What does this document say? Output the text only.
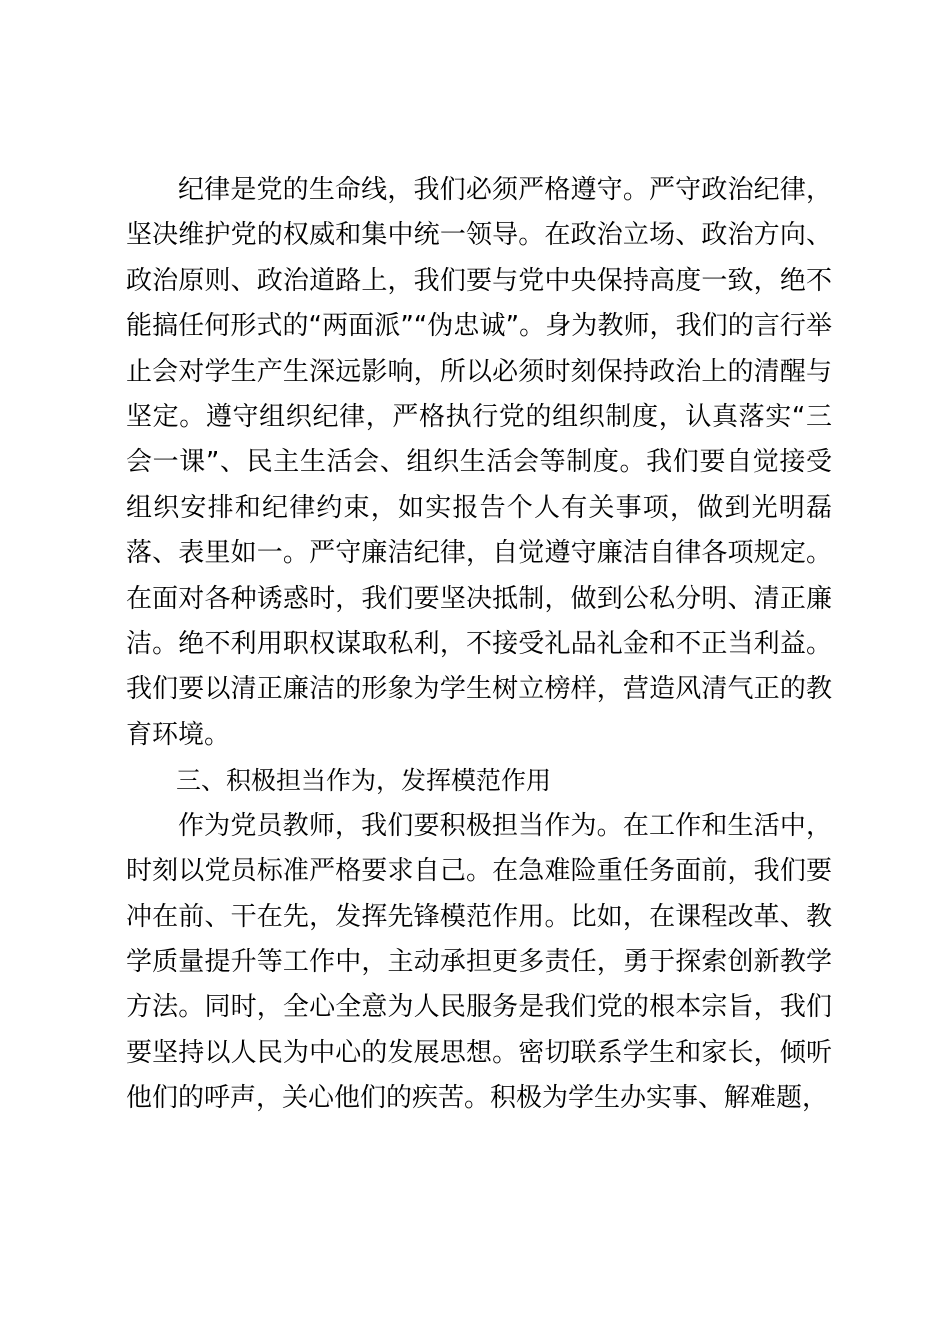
纪律是党的生命线，我们必须严格遵守。严守政治纪律，坚决维护党的权威和集中统一领导。在政治立场、政治方向、政治原则、政治道路上，我们要与党中央保持高度一致，绝不能搞任何形式的“两面派”“伪忠诚”。身为教师，我们的言行举止会对学生产生深远影响，所以必须时刻保持政治上的清醒与坚定。遵守组织纪律，严格执行党的组织制度，认真落实“三会一课”、民主生活会、组织生活会等制度。我们要自觉接受组织安排和纪律约束，如实报告个人有关事项，做到光明磊落、表里如一。严守廉洁纪律，自觉遵守廉洁自律各项规定。在面对各种诱惑时，我们要坚决抵制，做到公私分明、清正廉洁。绝不利用职权谋取私利，不接受礼品礼金和不正当利益。我们要以清正廉洁的形象为学生树立榜样，营造风清气正的教育环境。

三、积极担当作为，发挥模范作用

作为党员教师，我们要积极担当作为。在工作和生活中，时刻以党员标准严格要求自己。在急难险重任务面前，我们要冲在前、干在先，发挥先锋模范作用。比如，在课程改革、教学质量提升等工作中，主动承担更多责任，勇于探索创新教学方法。同时，全心全意为人民服务是我们党的根本宗旨，我们要坚持以人民为中心的发展思想。密切联系学生和家长，倾听他们的呼声，关心他们的疾苦。积极为学生办实事、解难题，
